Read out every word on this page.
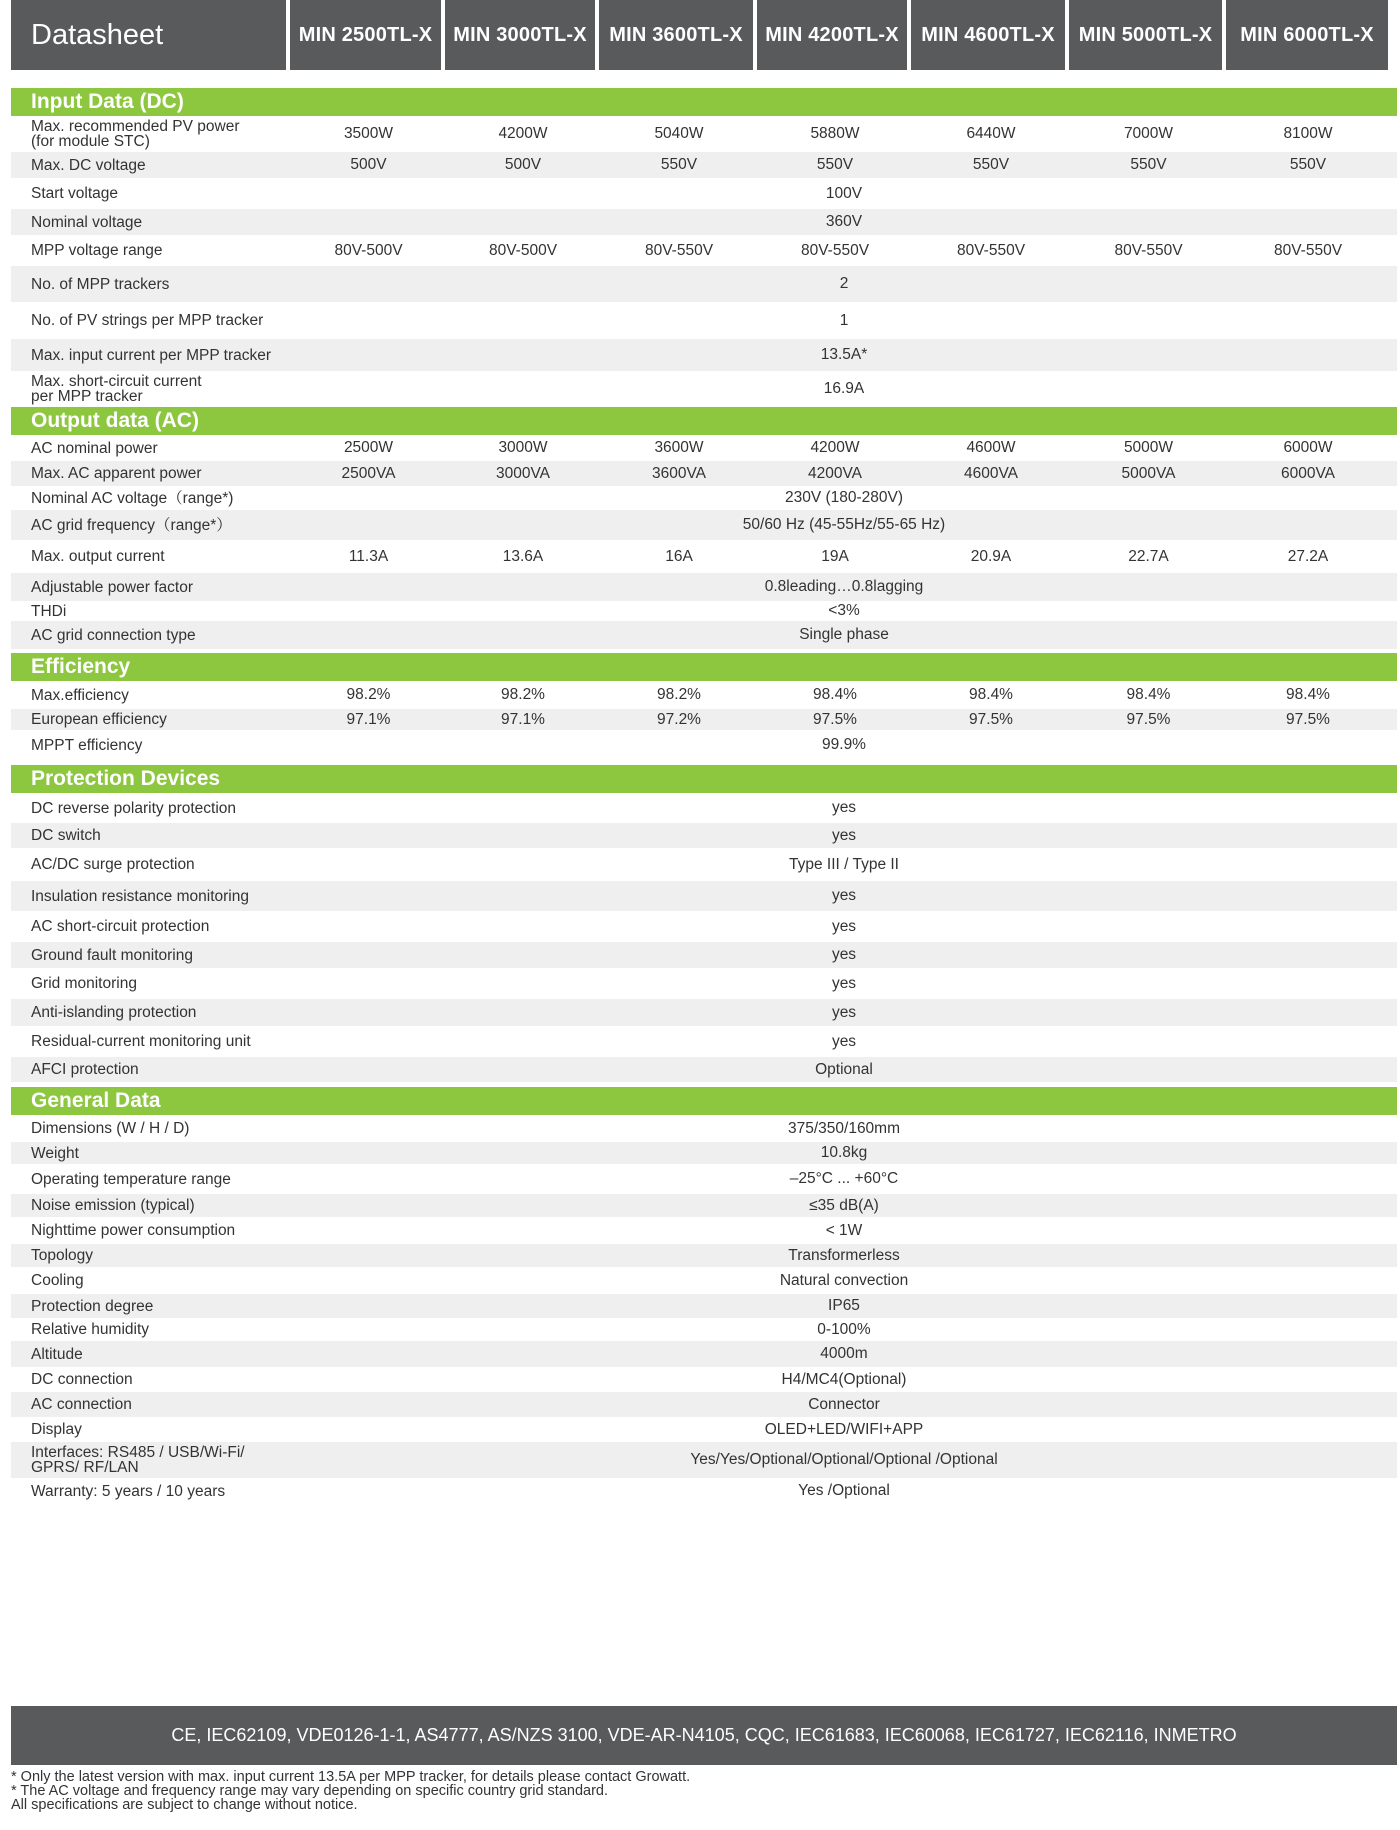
Datasheet	MIN 2500TL-X	MIN 3000TL-X	MIN 3600TL-X	MIN 4200TL-X	MIN 4600TL-X	MIN 5000TL-X	MIN 6000TL-X
Input Data (DC)
Max. recommended PV power
(for module STC)	3500W	4200W	5040W	5880W	6440W	7000W	8100W
Max. DC voltage	500V	500V	550V	550V	550V	550V	550V
Start voltage	100V
Nominal voltage	360V
MPP voltage range	80V-500V	80V-500V	80V-550V	80V-550V	80V-550V	80V-550V	80V-550V
No. of MPP trackers	2
No. of PV strings per MPP tracker	1
Max. input current per MPP tracker	13.5A*
Max. short-circuit current
per MPP tracker	16.9A
Output data (AC)
AC nominal power	2500W	3000W	3600W	4200W	4600W	5000W	6000W
Max. AC apparent power	2500VA	3000VA	3600VA	4200VA	4600VA	5000VA	6000VA
Nominal AC voltage（range*)	230V (180-280V)
AC grid frequency（range*）	50/60 Hz (45-55Hz/55-65 Hz)
Max. output current	11.3A	13.6A	16A	19A	20.9A	22.7A	27.2A
Adjustable power factor	0.8leading…0.8lagging
THDi	<3%
AC grid connection type	Single phase
Efficiency
Max.efficiency	98.2%	98.2%	98.2%	98.4%	98.4%	98.4%	98.4%
European efficiency	97.1%	97.1%	97.2%	97.5%	97.5%	97.5%	97.5%
MPPT efficiency	99.9%
Protection Devices
DC reverse polarity protection	yes
DC switch	yes
AC/DC surge protection	Type III / Type II
Insulation resistance monitoring	yes
AC short-circuit protection	yes
Ground fault monitoring	yes
Grid monitoring	yes
Anti-islanding protection	yes
Residual-current monitoring unit	yes
AFCI protection	Optional
General Data
Dimensions (W / H / D)	375/350/160mm
Weight	10.8kg
Operating temperature range	–25°C ... +60°C
Noise emission (typical)	≤35 dB(A)
Nighttime power consumption	< 1W
Topology	Transformerless
Cooling	Natural convection
Protection degree	IP65
Relative humidity	0-100%
Altitude	4000m
DC connection	H4/MC4(Optional)
AC connection	Connector
Display	OLED+LED/WIFI+APP
Interfaces: RS485 / USB/Wi-Fi/
GPRS/ RF/LAN	Yes/Yes/Optional/Optional/Optional /Optional
Warranty: 5 years / 10 years	Yes /Optional
CE, IEC62109, VDE0126-1-1, AS4777, AS/NZS 3100, VDE-AR-N4105, CQC, IEC61683, IEC60068, IEC61727, IEC62116, INMETRO
* Only the latest version with max. input current 13.5A per MPP tracker, for details please contact Growatt.
* The AC voltage and frequency range may vary depending on specific country grid standard.
All specifications are subject to change without notice.
